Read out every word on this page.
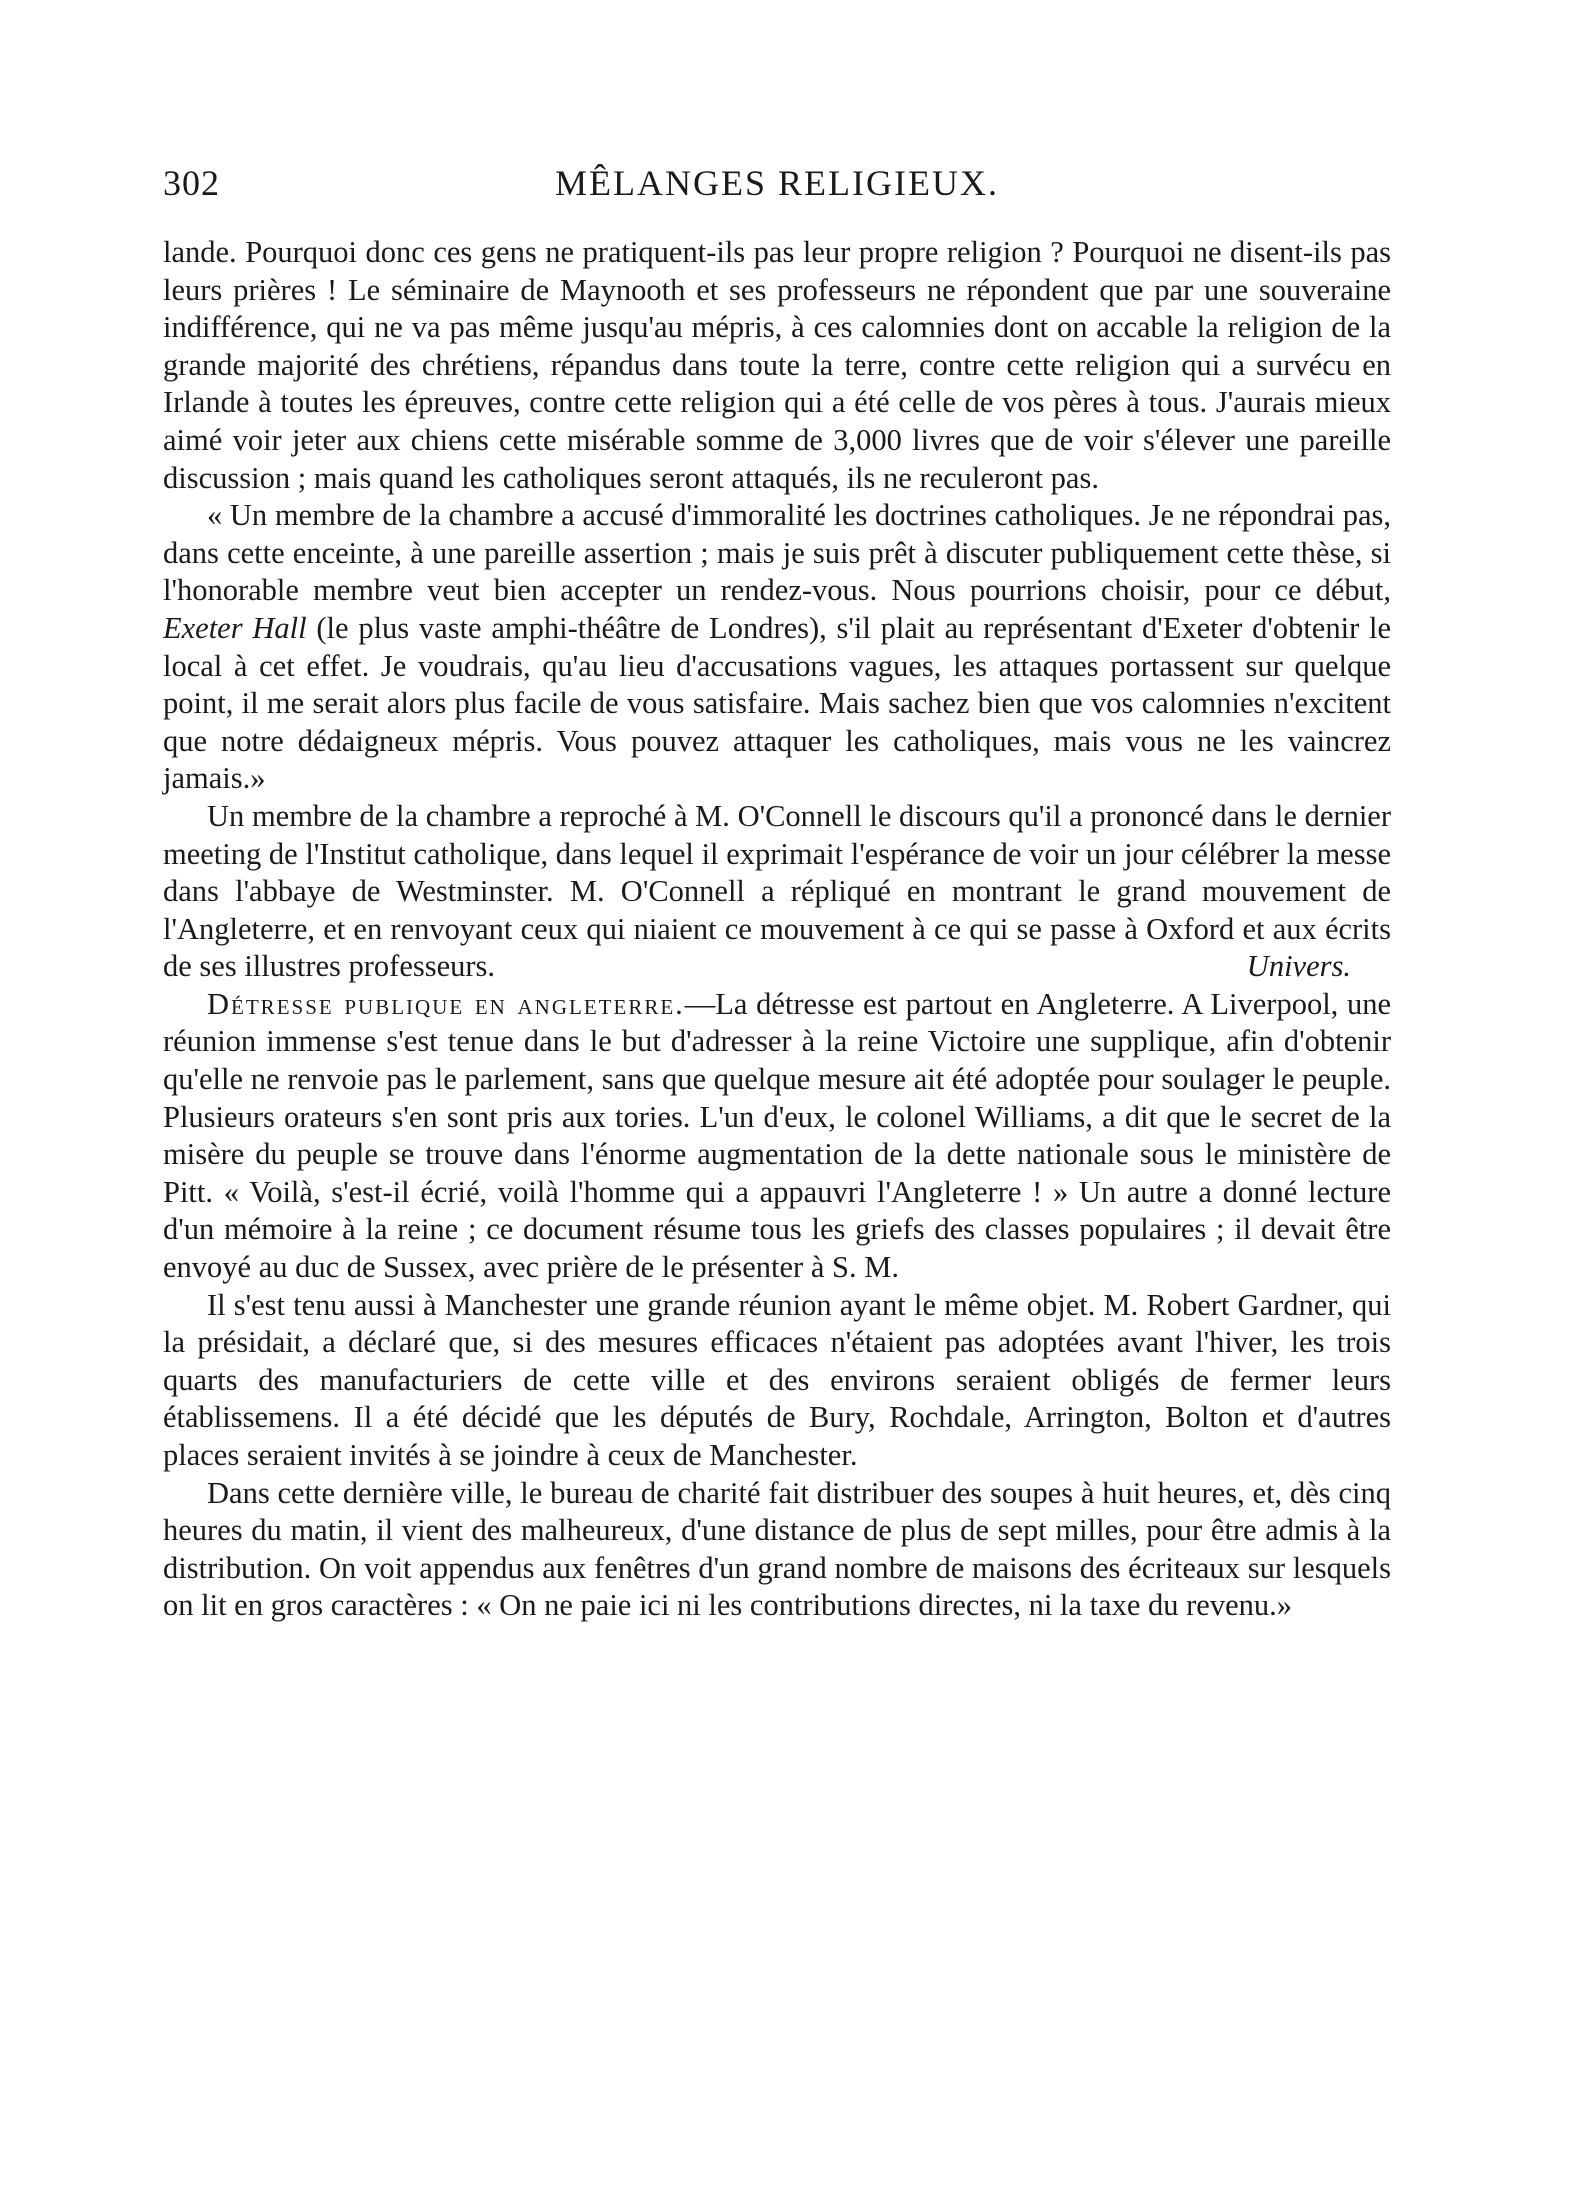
302	MÊLANGES RELIGIEUX.

lande. Pourquoi donc ces gens ne pratiquent-ils pas leur propre religion ? Pourquoi ne disent-ils pas leurs prières ! Le séminaire de Maynooth et ses professeurs ne répondent que par une souveraine indifférence, qui ne va pas même jusqu'au mépris, à ces calomnies dont on accable la religion de la grande majorité des chrétiens, répandus dans toute la terre, contre cette religion qui a survécu en Irlande à toutes les épreuves, contre cette religion qui a été celle de vos pères à tous. J'aurais mieux aimé voir jeter aux chiens cette misérable somme de 3,000 livres que de voir s'élever une pareille discussion ; mais quand les catholiques seront attaqués, ils ne reculeront pas.

« Un membre de la chambre a accusé d'immoralité les doctrines catholiques. Je ne répondrai pas, dans cette enceinte, à une pareille assertion ; mais je suis prêt à discuter publiquement cette thèse, si l'honorable membre veut bien accepter un rendez-vous. Nous pourrions choisir, pour ce début, Exeter Hall (le plus vaste amphi-théâtre de Londres), s'il plait au représentant d'Exeter d'obtenir le local à cet effet. Je voudrais, qu'au lieu d'accusations vagues, les attaques portassent sur quelque point, il me serait alors plus facile de vous satisfaire. Mais sachez bien que vos calomnies n'excitent que notre dédaigneux mépris. Vous pouvez attaquer les catholiques, mais vous ne les vaincrez jamais.»

Un membre de la chambre a reproché à M. O'Connell le discours qu'il a prononcé dans le dernier meeting de l'Institut catholique, dans lequel il exprimait l'espérance de voir un jour célébrer la messe dans l'abbaye de Westminster. M. O'Connell a répliqué en montrant le grand mouvement de l'Angleterre, et en renvoyant ceux qui niaient ce mouvement à ce qui se passe à Oxford et aux écrits de ses illustres professeurs.	Univers.

Détresse publique en angleterre.—La détresse est partout en Angleterre. A Liverpool, une réunion immense s'est tenue dans le but d'adresser à la reine Victoire une supplique, afin d'obtenir qu'elle ne renvoie pas le parlement, sans que quelque mesure ait été adoptée pour soulager le peuple. Plusieurs orateurs s'en sont pris aux tories. L'un d'eux, le colonel Williams, a dit que le secret de la misère du peuple se trouve dans l'énorme augmentation de la dette nationale sous le ministère de Pitt. « Voilà, s'est-il écrié, voilà l'homme qui a appauvri l'Angleterre ! » Un autre a donné lecture d'un mémoire à la reine ; ce document résume tous les griefs des classes populaires ; il devait être envoyé au duc de Sussex, avec prière de le présenter à S. M.

Il s'est tenu aussi à Manchester une grande réunion ayant le même objet. M. Robert Gardner, qui la présidait, a déclaré que, si des mesures efficaces n'étaient pas adoptées avant l'hiver, les trois quarts des manufacturiers de cette ville et des environs seraient obligés de fermer leurs établissemens. Il a été décidé que les députés de Bury, Rochdale, Arrington, Bolton et d'autres places seraient invités à se joindre à ceux de Manchester.

Dans cette dernière ville, le bureau de charité fait distribuer des soupes à huit heures, et, dès cinq heures du matin, il vient des malheureux, d'une distance de plus de sept milles, pour être admis à la distribution. On voit appendus aux fenêtres d'un grand nombre de maisons des écriteaux sur lesquels on lit en gros caractères : « On ne paie ici ni les contributions directes, ni la taxe du revenu.»
